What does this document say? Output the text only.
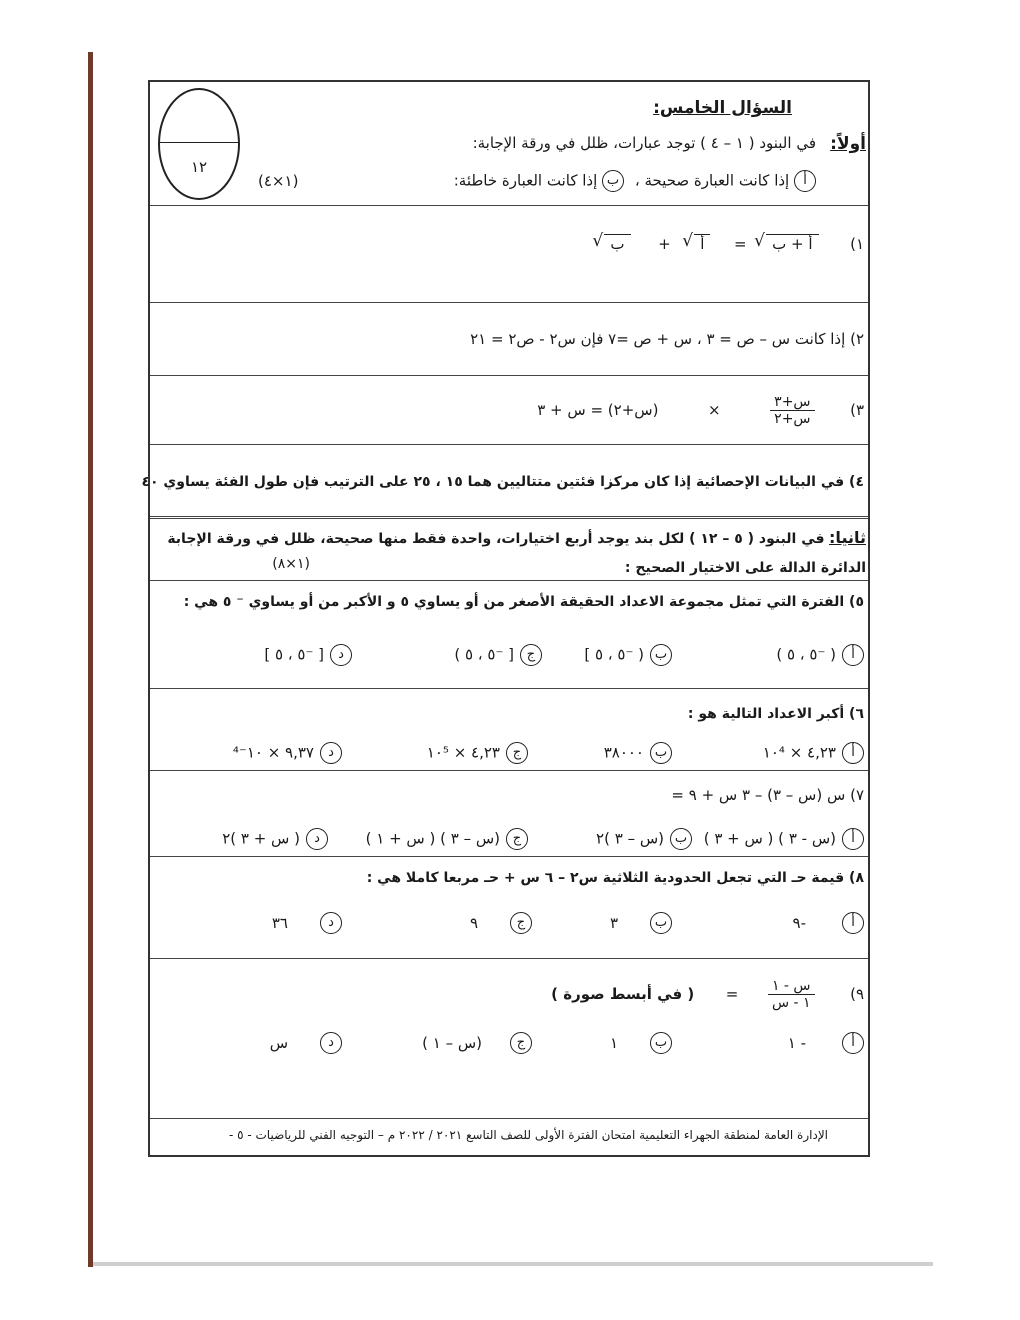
١٢
السؤال الخامس:
أولاً:
في البنود ( ١ – ٤ ) توجد عبارات، ظلل في ورقة الإجابة:
أ إذا كانت العبارة صحيحة ، ب إذا كانت العبارة خاطئة:
(١×٤)
١)  √ أ + ب  =  √ أ  +  √ ب
٢) إذا كانت س – ص = ٣ ، س + ص =٧ فإن س٢ - ص٢ = ٢١
٣)
$\frac{\text{س+٣}}{\text{س+٢}}$
×  (س+٢) = س + ٣
٤) في البيانات الإحصائية إذا كان مركزا فئتين متتاليين هما ١٥ ، ٢٥ على الترتيب فإن طول الفئة يساوي ٤٠
ثانيا: في البنود ( ٥ – ١٢ ) لكل بند يوجد أربع اختيارات، واحدة فقط منها صحيحة، ظلل في ورقة الإجابة
الدائرة الدالة على الاختيار الصحيح :
(١×٨)
٥) الفترة التي تمثل مجموعة الاعداد الحقيقة الأصغر من أو يساوي ٥ و الأكبر من أو يساوي ⁻ ٥ هي :
أ( ⁻٥ ، ٥ )
ب( ⁻٥ ، ٥ ]
ج[ ⁻٥ ، ٥ )
د[ ⁻٥ ، ٥ ]
٦) أكبر الاعداد التالية هو :
أ٤,٢٣ × ١٠⁴
ب٣٨٠٠٠
ج٤,٢٣ × ١٠⁵
د٩,٣٧ × ١٠⁻⁴
٧) س (س – ٣) – ٣ س + ٩ =
أ(س - ٣ ) ( س + ٣ )
ب(س – ٣ )٢
ج(س – ٣ ) ( س + ١ )
د( س + ٣ )٢
٨) قيمة حـ التي تجعل الحدودية الثلاثية س٢ – ٦ س + حـ مربعا كاملا هي :
أ-٩
ب٣
ج٩
د٣٦
٩)
$\frac{\text{س - ١}}{\text{١ - س}}$
=  ( في أبسط صورة )
أ- ١
ب١
ج(س – ١ )
دس
الإدارة العامة لمنطقة الجهراء التعليمية امتحان الفترة الأولى للصف التاسع ٢٠٢١ / ٢٠٢٢ م – التوجيه الفني للرياضيات - ٥ -
